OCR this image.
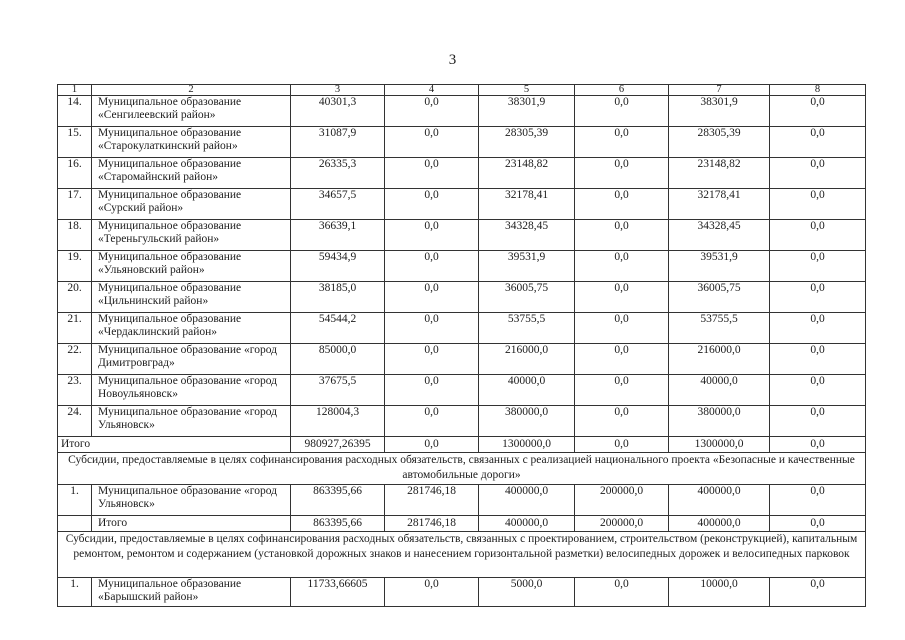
3
1	2	3	4	5	6	7	8
14.	Муниципальное образование «Сенгилеевский район»	40301,3	0,0	38301,9	0,0	38301,9	0,0
15.	Муниципальное образование «Старокулаткинский район»	31087,9	0,0	28305,39	0,0	28305,39	0,0
16.	Муниципальное образование «Старомайнский район»	26335,3	0,0	23148,82	0,0	23148,82	0,0
17.	Муниципальное образование «Сурский район»	34657,5	0,0	32178,41	0,0	32178,41	0,0
18.	Муниципальное образование «Тереньгульский район»	36639,1	0,0	34328,45	0,0	34328,45	0,0
19.	Муниципальное образование «Ульяновский район»	59434,9	0,0	39531,9	0,0	39531,9	0,0
20.	Муниципальное образование «Цильнинский район»	38185,0	0,0	36005,75	0,0	36005,75	0,0
21.	Муниципальное образование «Чердаклинский район»	54544,2	0,0	53755,5	0,0	53755,5	0,0
22.	Муниципальное образование «город Димитровград»	85000,0	0,0	216000,0	0,0	216000,0	0,0
23.	Муниципальное образование «город Новоульяновск»	37675,5	0,0	40000,0	0,0	40000,0	0,0
24.	Муниципальное образование «город Ульяновск»	128004,3	0,0	380000,0	0,0	380000,0	0,0
Итого		980927,26395	0,0	1300000,0	0,0	1300000,0	0,0
Субсидии, предоставляемые в целях софинансирования расходных обязательств, связанных с реализацией национального проекта «Безопасные и качественные автомобильные дороги»							
1.	Муниципальное образование «город Ульяновск»	863395,66	281746,18	400000,0	200000,0	400000,0	0,0
	Итого	863395,66	281746,18	400000,0	200000,0	400000,0	0,0
Субсидии, предоставляемые в целях софинансирования расходных обязательств, связанных с проектированием, строительством (реконструкцией), капитальным ремонтом, ремонтом и содержанием (установкой дорожных знаков и нанесением горизонтальной разметки) велосипедных дорожек и велосипедных парковок							
1.	Муниципальное образование «Барышский район»	11733,66605	0,0	5000,0	0,0	10000,0	0,0
